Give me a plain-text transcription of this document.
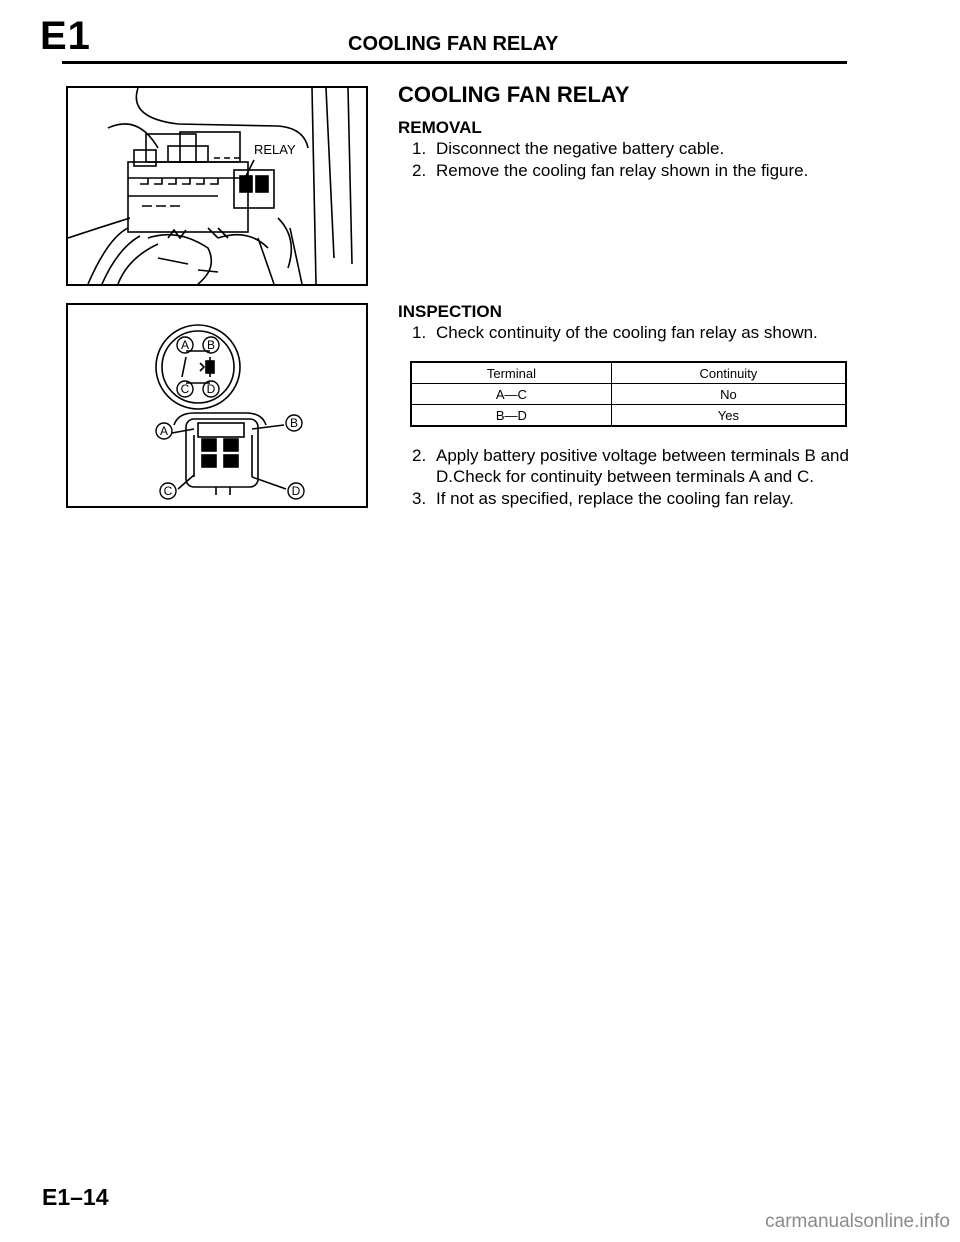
E1	COOLING FAN RELAY
RELAY
A B
C D
A
B
C	D
COOLING FAN RELAY
REMOVAL

1. Disconnect the negative battery cable.

2. Remove the cooling fan relay shown in the figure.

INSPECTION

1. Check continuity of the cooling fan relay as shown.

Terminal	Continuity
A—C	No
B—D	Yes

2. Apply battery positive voltage between terminals B and D.Check for continuity between terminals A and C.

3. If not as specified, replace the cooling fan relay.

E1–14
carmanualsonline.info
